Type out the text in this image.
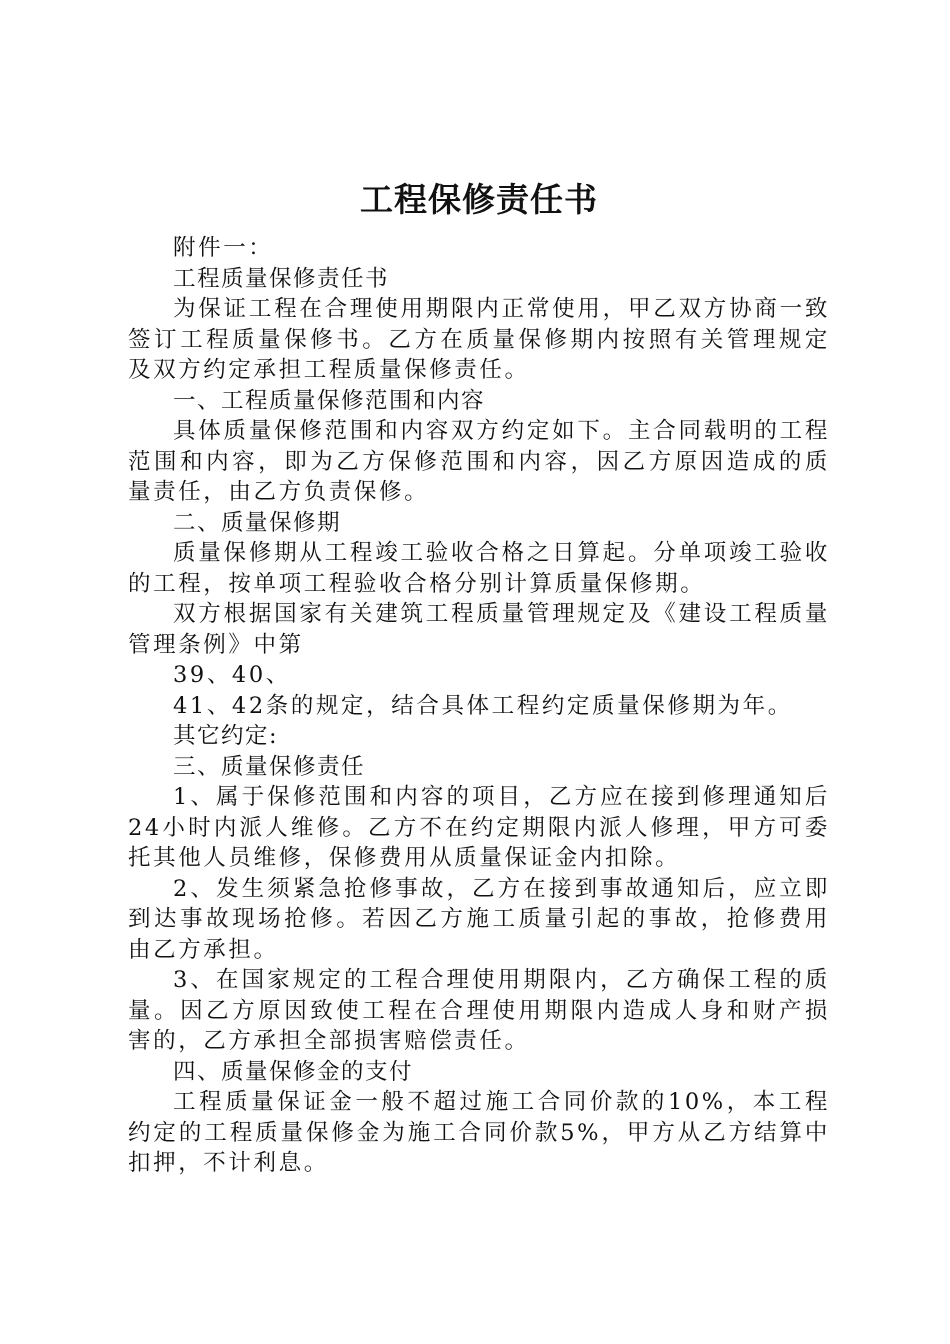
工程保修责任书

附件一：

工程质量保修责任书

为保证工程在合理使用期限内正常使用，甲乙双方协商一致签订工程质量保修书。乙方在质量保修期内按照有关管理规定及双方约定承担工程质量保修责任。

一、工程质量保修范围和内容

具体质量保修范围和内容双方约定如下。主合同载明的工程范围和内容，即为乙方保修范围和内容，因乙方原因造成的质量责任，由乙方负责保修。

二、质量保修期

质量保修期从工程竣工验收合格之日算起。分单项竣工验收的工程，按单项工程验收合格分别计算质量保修期。

双方根据国家有关建筑工程质量管理规定及《建设工程质量管理条例》中第

39、40、

41、42条的规定，结合具体工程约定质量保修期为年。

其它约定:

三、质量保修责任

1、属于保修范围和内容的项目，乙方应在接到修理通知后24小时内派人维修。乙方不在约定期限内派人修理，甲方可委托其他人员维修，保修费用从质量保证金内扣除。

2、发生须紧急抢修事故，乙方在接到事故通知后，应立即到达事故现场抢修。若因乙方施工质量引起的事故，抢修费用由乙方承担。

3、在国家规定的工程合理使用期限内，乙方确保工程的质量。因乙方原因致使工程在合理使用期限内造成人身和财产损害的，乙方承担全部损害赔偿责任。

四、质量保修金的支付

工程质量保证金一般不超过施工合同价款的10%，本工程约定的工程质量保修金为施工合同价款5%，甲方从乙方结算中扣押，不计利息。
